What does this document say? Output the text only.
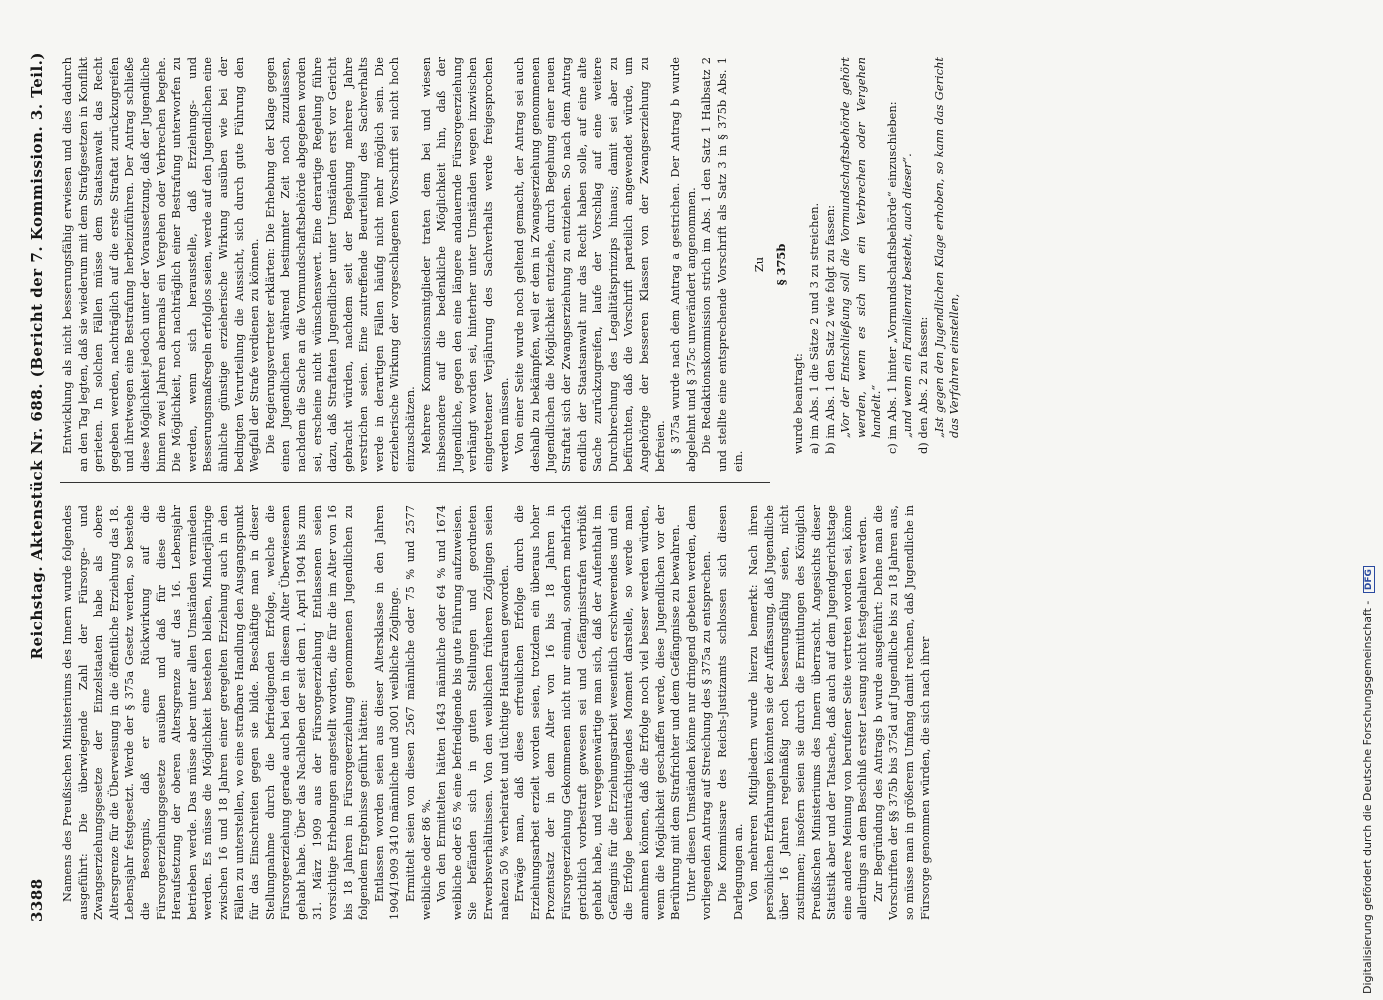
3388
Reichstag. Aktenstück Nr. 688. (Bericht der 7. Kommission. 3. Teil.)

Namens des Preußischen Ministeriums des Innern wurde folgendes ausgeführt: Die überwiegende Zahl der Fürsorge- und Zwangserziehungsgesetze der Einzelstaaten habe als obere Altersgrenze für die Überweisung in die öffentliche Erziehung das 18. Lebensjahr festgesetzt. Werde der § 375a Gesetz werden, so bestehe die Besorgnis, daß er eine Rückwirkung auf die Fürsorgeerziehungsgesetze ausüben und daß für diese die Heraufsetzung der oberen Altersgrenze auf das 16. Lebensjahr betrieben werde. Das müsse aber unter allen Umständen vermieden werden. Es müsse die Möglichkeit bestehen bleiben, Minderjährige zwischen 16 und 18 Jahren einer geregelten Erziehung auch in den Fällen zu unterstellen, wo eine strafbare Handlung den Ausgangspunkt für das Einschreiten gegen sie bilde. Beschäftige man in dieser Stellungnahme durch die befriedigenden Erfolge, welche die Fürsorgeerziehung gerade auch bei den in diesem Alter Überwiesenen gehabt habe. Über das Nachleben der seit dem 1. April 1904 bis zum 31. März 1909 aus der Fürsorgeerziehung Entlassenen seien vorsichtige Erhebungen angestellt worden, die für die im Alter von 16 bis 18 Jahren in Fürsorgeerziehung genommenen Jugendlichen zu folgendem Ergebnisse geführt hätten: Entlassen worden seien aus dieser Altersklasse in den Jahren 1904/1909 3410 männliche und 3001 weibliche Zöglinge. Ermittelt seien von diesen 2567 männliche oder 75 % und 2577 weibliche oder 86 %. Von den Ermittelten hätten 1643 männliche oder 64 % und 1674 weibliche oder 65 % eine befriedigende bis gute Führung aufzuweisen. Sie befänden sich in guten Stellungen und geordneten Erwerbsverhältnissen. Von den weiblichen früheren Zöglingen seien nahezu 50 % verheiratet und tüchtige Hausfrauen geworden. Erwäge man, daß diese erfreulichen Erfolge durch die Erziehungsarbeit erzielt worden seien, trotzdem ein überaus hoher Prozentsatz der in dem Alter von 16 bis 18 Jahren in Fürsorgeerziehung Gekommenen nicht nur einmal, sondern mehrfach gerichtlich vorbestraft gewesen sei und Gefängnisstrafen verbüßt gehabt habe, und vergegenwärtige man sich, daß der Aufenthalt im Gefängnis für die Erziehungsarbeit wesentlich erschwerendes und ein die Erfolge beeinträchtigendes Moment darstelle, so werde man annehmen können, daß die Erfolge noch viel besser werden würden, wenn die Möglichkeit geschaffen werde, diese Jugendlichen vor der Berührung mit dem Strafrichter und dem Gefängnisse zu bewahren. Unter diesen Umständen könne nur dringend gebeten werden, dem vorliegenden Antrag auf Streichung des § 375a zu entsprechen. Die Kommissare des Reichs-Justizamts schlossen sich diesen Darlegungen an. Von mehreren Mitgliedern wurde hierzu bemerkt: Nach ihren persönlichen Erfahrungen könnten sie der Auffassung, daß Jugendliche über 16 Jahren regelmäßig noch besserungsfähig seien, nicht zustimmen; insofern seien sie durch die Ermittlungen des Königlich Preußischen Ministeriums des Innern überrascht. Angesichts dieser Statistik aber und der Tatsache, daß auch auf dem Jugendgerichtstage eine andere Meinung von berufener Seite vertreten worden sei, könne allerdings an dem Beschluß erster Lesung nicht festgehalten werden. Zur Begründung des Antrags b wurde ausgeführt: Dehne man die Vorschriften der §§ 375b bis 375d auf Jugendliche bis zu 18 Jahren aus, so müsse man in größerem Umfang damit rechnen, daß Jugendliche in Fürsorge genommen würden, die sich nach ihrer

Entwicklung als nicht besserungsfähig erwiesen und dies dadurch an den Tag legten, daß sie wiederum mit dem Strafgesetzen in Konflikt gerieten. In solchen Fällen müsse dem Staatsanwalt das Recht gegeben werden, nachträglich auf die erste Straftat zurückzugreifen und ihretwegen eine Bestrafung herbeizuführen. Der Antrag schließe diese Möglichkeit jedoch unter der Voraussetzung, daß der Jugendliche binnen zwei Jahren abermals ein Vergehen oder Verbrechen begehe. Die Möglichkeit, noch nachträglich einer Bestrafung unterworfen zu werden, wenn sich herausstelle, daß Erziehungs- und Besserungsmaßregeln erfolglos seien, werde auf den Jugendlichen eine ähnliche günstige erzieherische Wirkung ausüben wie bei der bedingten Verurteilung die Aussicht, sich durch gute Führung den Wegfall der Strafe verdienen zu können. Die Regierungsvertreter erklärten: Die Erhebung der Klage gegen einen Jugendlichen während bestimmter Zeit noch zuzulassen, nachdem die Sache an die Vormundschaftsbehörde abgegeben worden sei, erscheine nicht wünschenswert. Eine derartige Regelung führe dazu, daß Straftaten Jugendlicher unter Umständen erst vor Gericht gebracht würden, nachdem seit der Begehung mehrere Jahre verstrichen seien. Eine zutreffende Beurteilung des Sachverhalts werde in derartigen Fällen häufig nicht mehr möglich sein. Die erzieherische Wirkung der vorgeschlagenen Vorschrift sei nicht hoch einzuschätzen. Mehrere Kommissionsmitglieder traten dem bei und wiesen insbesondere auf die bedenkliche Möglichkeit hin, daß der Jugendliche, gegen den eine längere andauernde Fürsorgeerziehung verhängt worden sei, hinterher unter Umständen wegen inzwischen eingetretener Verjährung des Sachverhalts werde freigesprochen werden müssen. Von einer Seite wurde noch geltend gemacht, der Antrag sei auch deshalb zu bekämpfen, weil er dem in Zwangserziehung genommenen Jugendlichen die Möglichkeit entziehe, durch Begehung einer neuen Straftat sich der Zwangserziehung zu entziehen. So nach dem Antrag endlich der Staatsanwalt nur das Recht haben solle, auf eine alte Sache zurückzugreifen, laufe der Vorschlag auf eine weitere Durchbrechung des Legalitätsprinzips hinaus; damit sei aber zu befürchten, daß die Vorschrift parteilich angewendet würde, um Angehörige der besseren Klassen von der Zwangserziehung zu befreien. § 375a wurde nach dem Antrag a gestrichen. Der Antrag b wurde abgelehnt und § 375c unverändert angenommen. Die Redaktionskommission strich im Abs. 1 den Satz 1 Halbsatz 2 und stellte eine entsprechende Vorschrift als Satz 3 in § 375b Abs. 1 ein.

Zu § 375b

wurde beantragt: a) im Abs. 1 die Sätze 2 und 3 zu streichen. b) im Abs. 1 den Satz 2 wie folgt zu fassen: „Vor der Entschließung soll die Vormundschaftsbehörde gehört werden, wenn es sich um ein Verbrechen oder Vergehen handelt.“ c) im Abs. 1 hinter „Vormundschaftsbehörde“ einzuschieben: „und wenn ein Familienrat besteht, auch dieser“. d) den Abs. 2 zu fassen: „Ist gegen den Jugendlichen Klage erhoben, so kann das Gericht das Verfahren einstellen,

Digitalisierung gefördert durch die Deutsche Forschungsgemeinschaft - DFG
